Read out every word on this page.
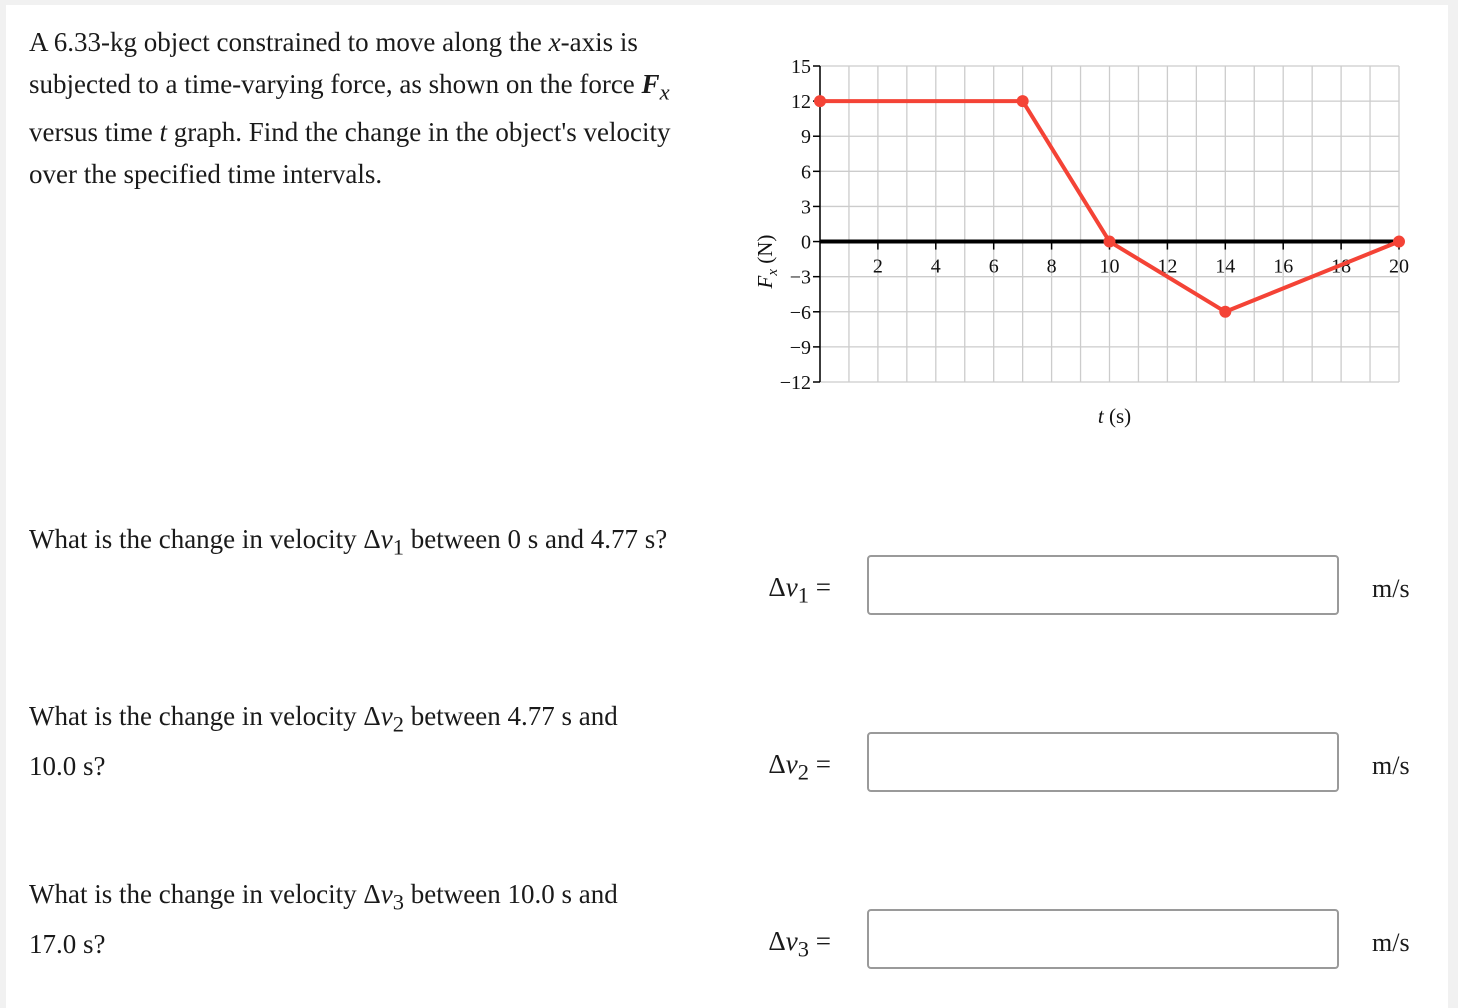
A 6.33-kg object constrained to move along the x-axis is
subjected to a time-varying force, as shown on the force $F_x$
versus time t graph. Find the change in the object's velocity
over the specified time intervals.
15
12
9
6
3
0
−3
−6
−9
−12
2 4 6 8 10 12 14 16 18 20
t (s)
$F_x$ (N)
What is the change in velocity $\Delta v_1$ between 0 s and 4.77 s?
$\Delta v_1$ =	m/s
What is the change in velocity $\Delta v_2$ between 4.77 s and
10.0 s?	$\Delta v_2$ =	m/s
What is the change in velocity $\Delta v_3$ between 10.0 s and
17.0 s?	$\Delta v_3$ =	m/s
